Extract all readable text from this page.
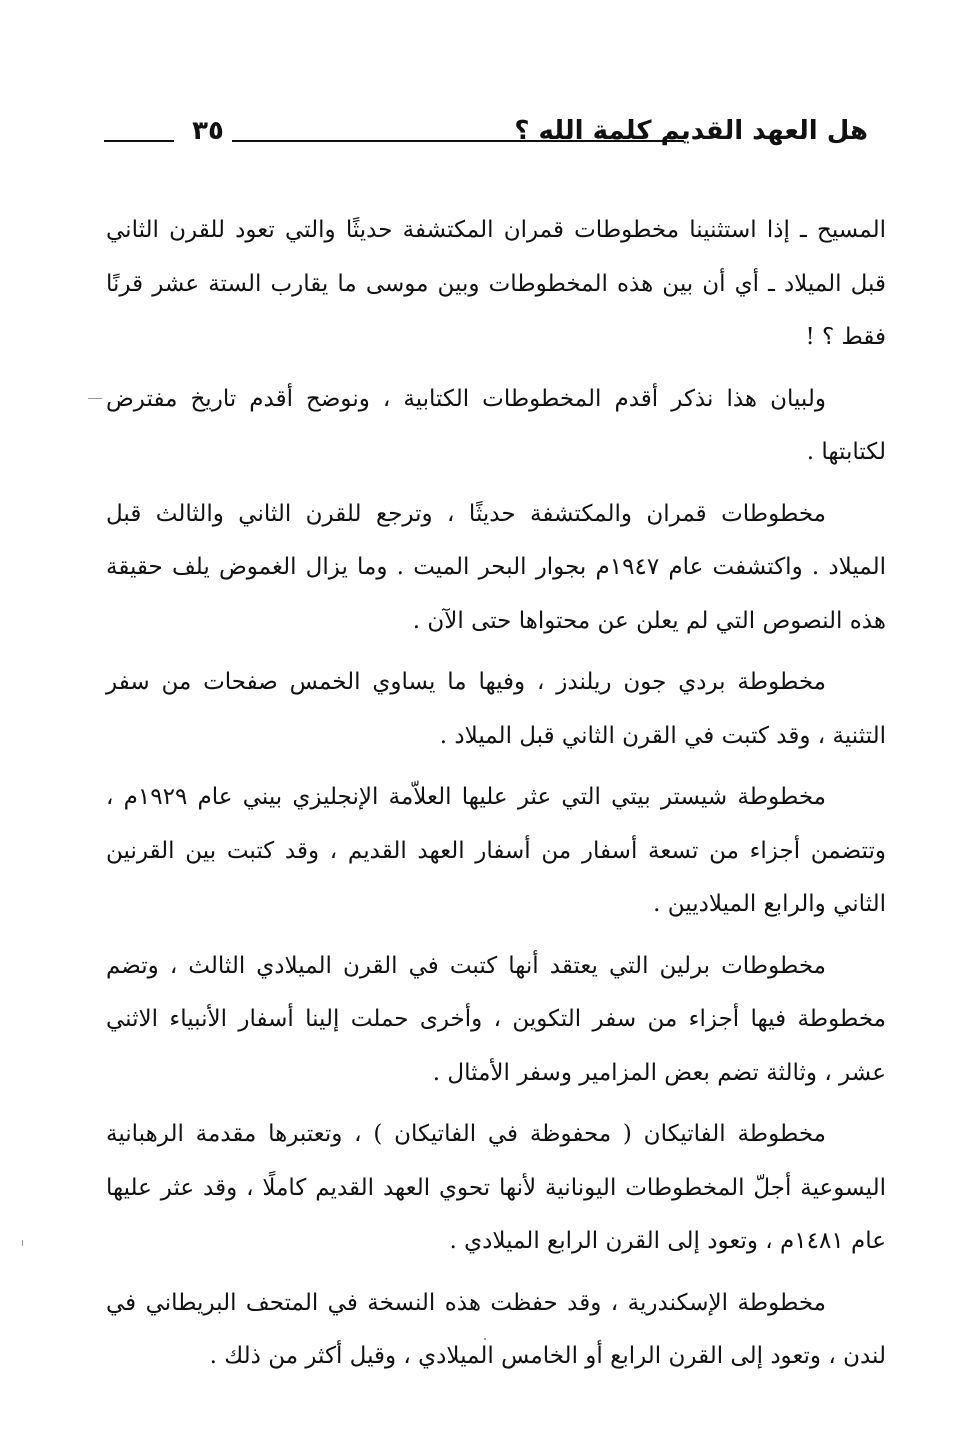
٣٥	هل العهد القديم كلمة الله ؟

المسيح ـ إذا استثنينا مخطوطات قمران المكتشفة حديثًا والتي تعود للقرن الثاني قبل الميلاد ـ أي أن بين هذه المخطوطات وبين موسى ما يقارب الستة عشر قرنًا فقط ؟ !

ولبيان هذا نذكر أقدم المخطوطات الكتابية ، ونوضح أقدم تاريخ مفترض لكتابتها .

مخطوطات قمران والمكتشفة حديثًا ، وترجع للقرن الثاني والثالث قبل الميلاد . واكتشفت عام ١٩٤٧م بجوار البحر الميت . وما يزال الغموض يلف حقيقة هذه النصوص التي لم يعلن عن محتواها حتى الآن .

مخطوطة بردي جون ريلندز ، وفيها ما يساوي الخمس صفحات من سفر التثنية ، وقد كتبت في القرن الثاني قبل الميلاد .

مخطوطة شيستر بيتي التي عثر عليها العلاّمة الإنجليزي بيني عام ١٩٢٩م ، وتتضمن أجزاء من تسعة أسفار من أسفار العهد القديم ، وقد كتبت بين القرنين الثاني والرابع الميلاديين .

مخطوطات برلين التي يعتقد أنها كتبت في القرن الميلادي الثالث ، وتضم مخطوطة فيها أجزاء من سفر التكوين ، وأخرى حملت إلينا أسفار الأنبياء الاثني عشر ، وثالثة تضم بعض المزامير وسفر الأمثال .

مخطوطة الفاتيكان ( محفوظة في الفاتيكان ) ، وتعتبرها مقدمة الرهبانية اليسوعية أجلّ المخطوطات اليونانية لأنها تحوي العهد القديم كاملًا ، وقد عثر عليها عام ١٤٨١م ، وتعود إلى القرن الرابع الميلادي .

مخطوطة الإسكندرية ، وقد حفظت هذه النسخة في المتحف البريطاني في لندن ، وتعود إلى القرن الرابع أو الخامس الميلادي ، وقيل أكثر من ذلك .
